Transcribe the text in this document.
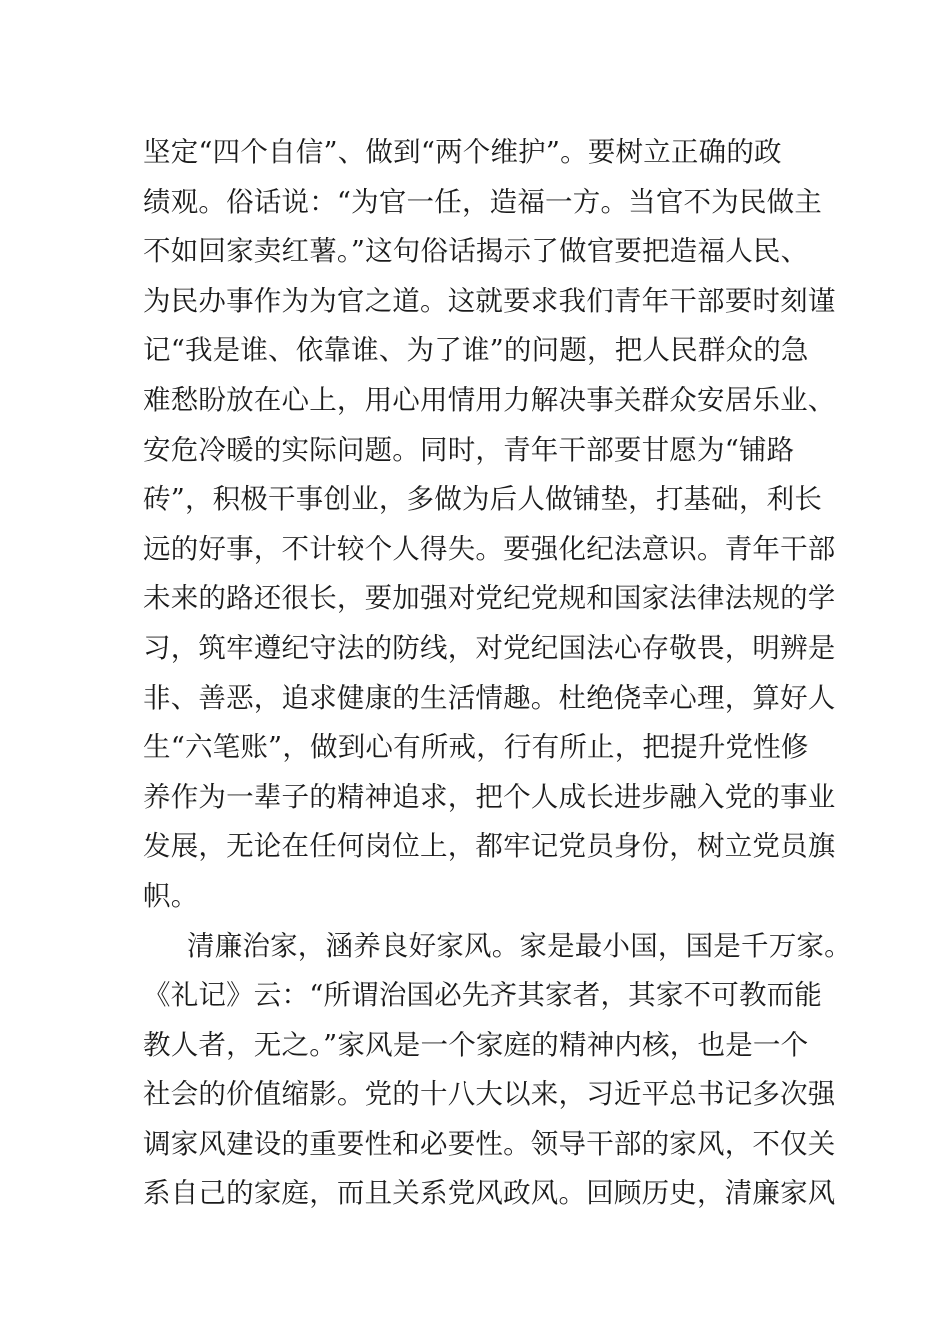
坚定“四个自信”、做到“两个维护”。要树立正确的政
绩观。俗话说：“为官一任，造福一方。当官不为民做主
不如回家卖红薯。”这句俗话揭示了做官要把造福人民、
为民办事作为为官之道。这就要求我们青年干部要时刻谨
记“我是谁、依靠谁、为了谁”的问题，把人民群众的急
难愁盼放在心上，用心用情用力解决事关群众安居乐业、
安危冷暖的实际问题。同时，青年干部要甘愿为“铺路
砖”，积极干事创业，多做为后人做铺垫，打基础，利长
远的好事，不计较个人得失。要强化纪法意识。青年干部
未来的路还很长，要加强对党纪党规和国家法律法规的学
习，筑牢遵纪守法的防线，对党纪国法心存敬畏，明辨是
非、善恶，追求健康的生活情趣。杜绝侥幸心理，算好人
生“六笔账”，做到心有所戒，行有所止，把提升党性修
养作为一辈子的精神追求，把个人成长进步融入党的事业
发展，无论在任何岗位上，都牢记党员身份，树立党员旗
帜。
清廉治家，涵养良好家风。家是最小国，国是千万家。
《礼记》云：“所谓治国必先齐其家者，其家不可教而能
教人者，无之。”家风是一个家庭的精神内核，也是一个
社会的价值缩影。党的十八大以来，习近平总书记多次强
调家风建设的重要性和必要性。领导干部的家风，不仅关
系自己的家庭，而且关系党风政风。回顾历史，清廉家风
